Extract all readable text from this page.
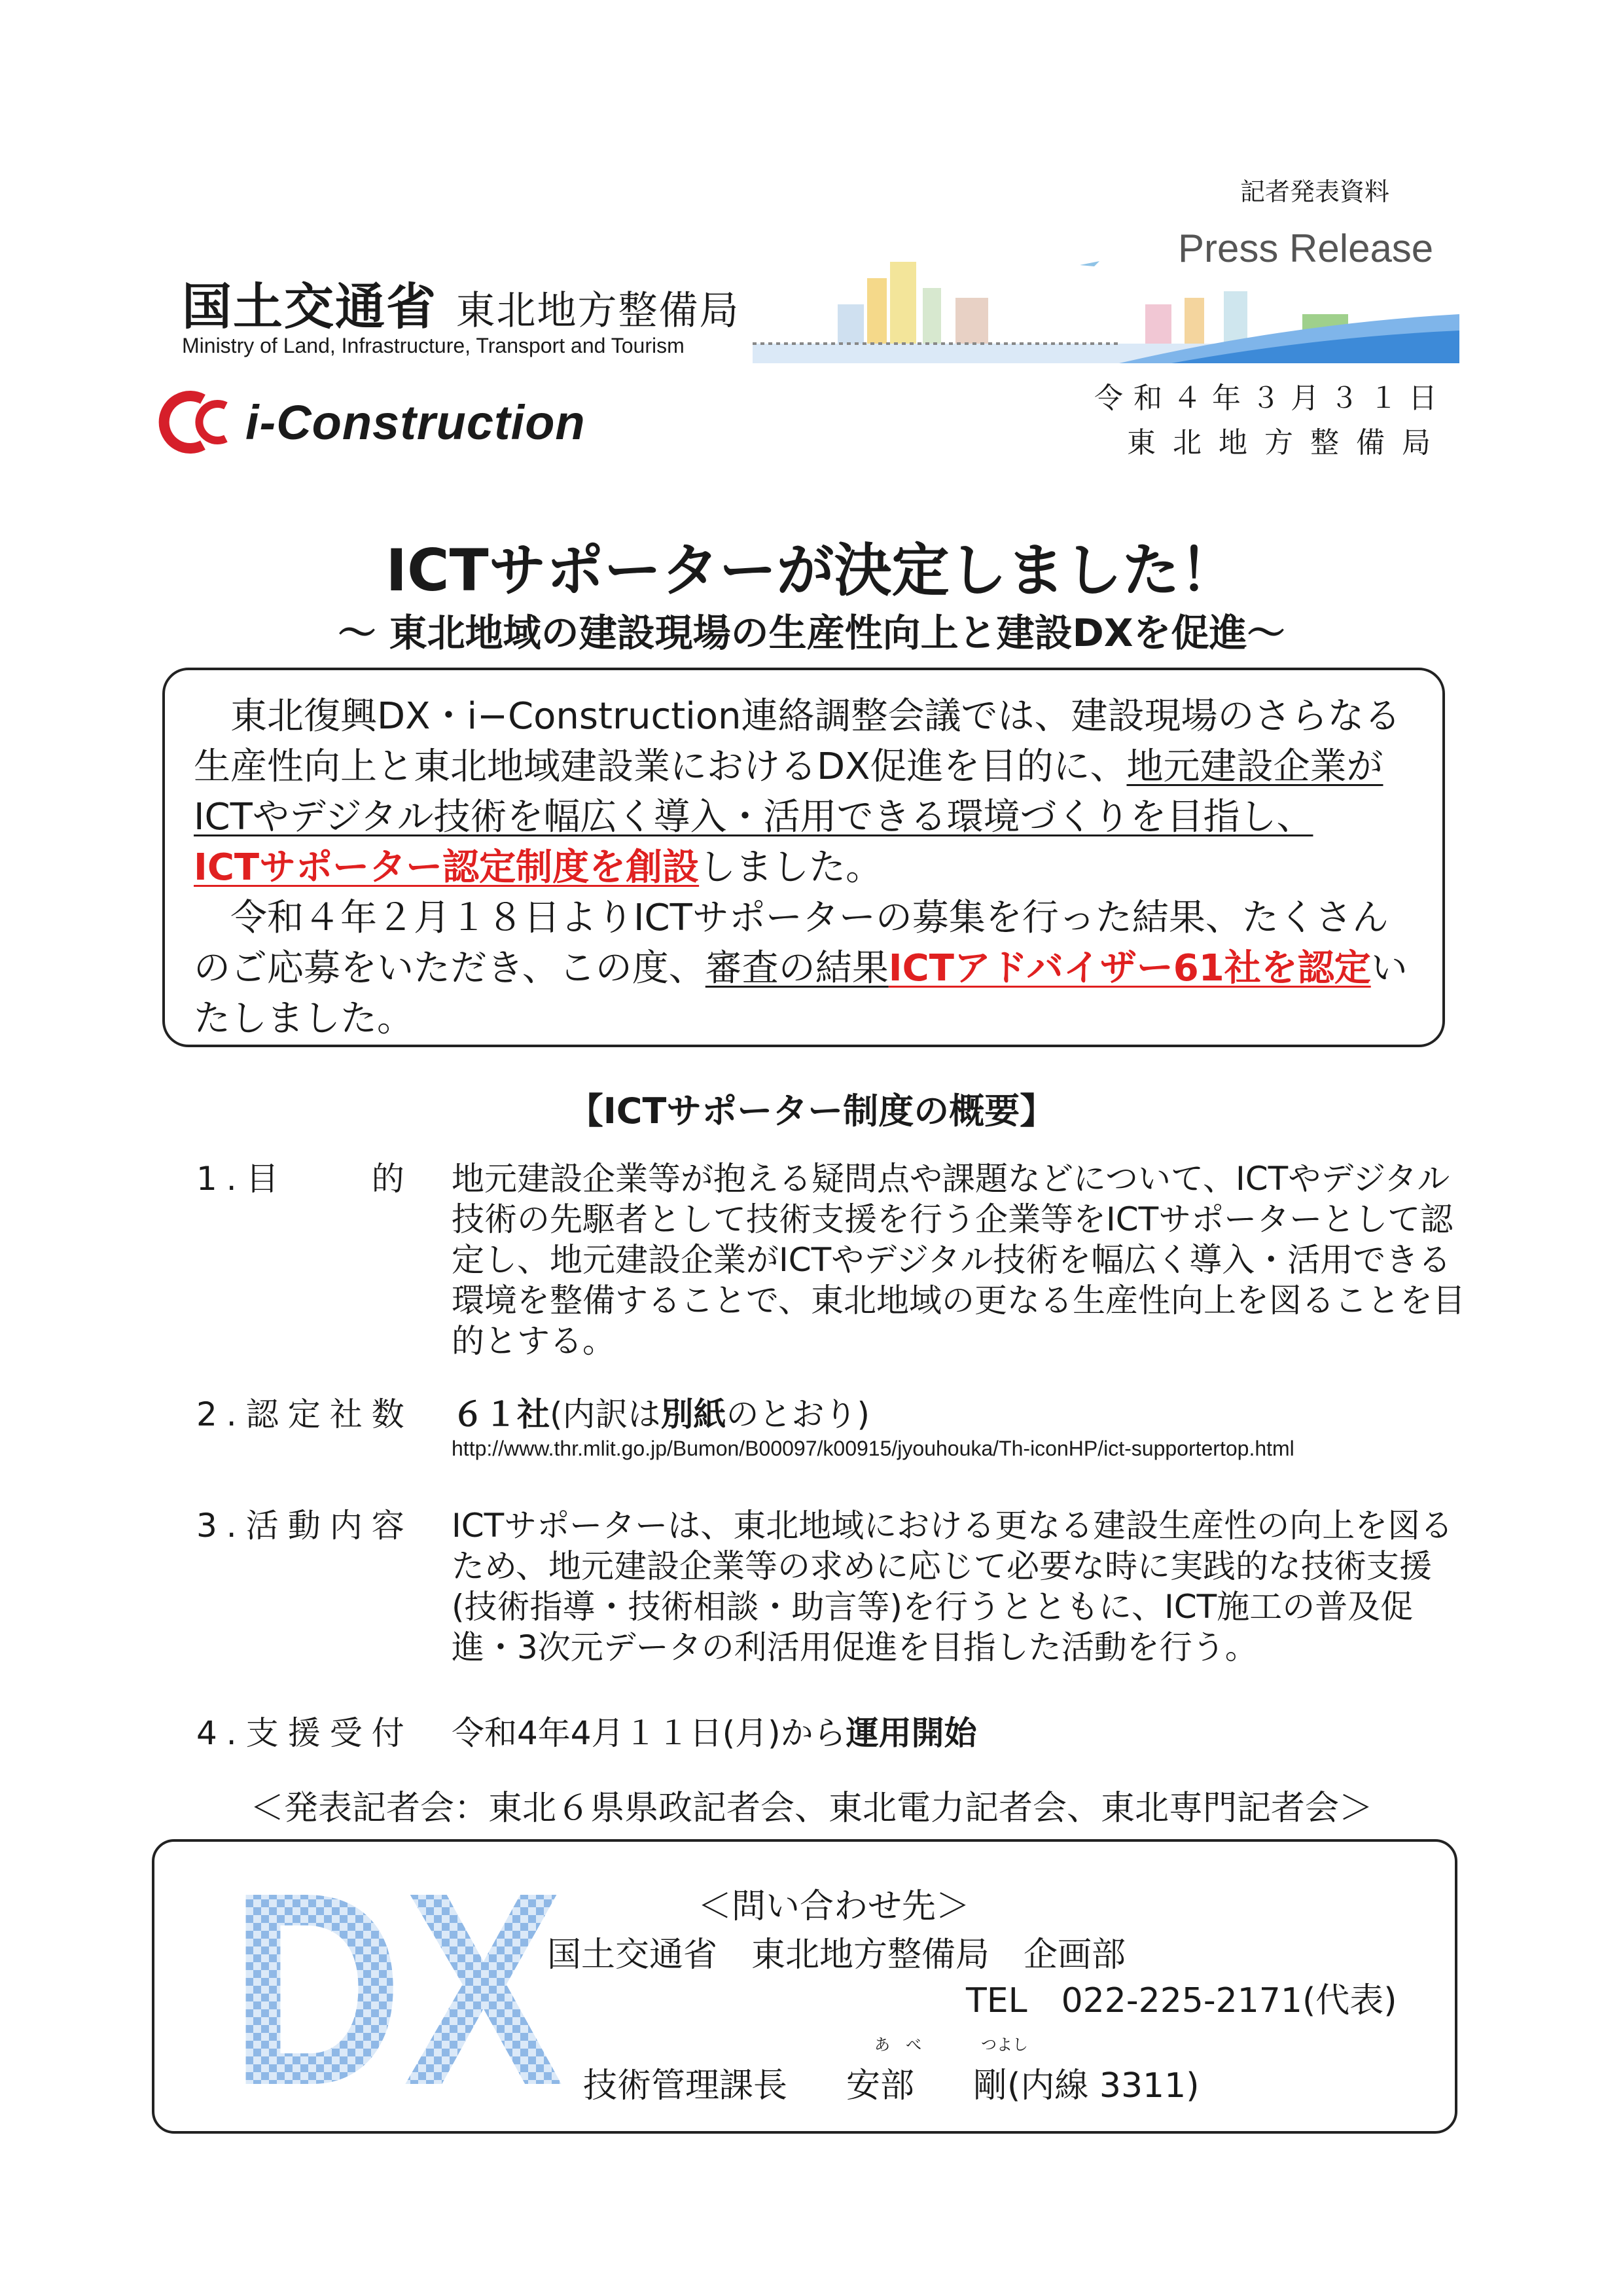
記者発表資料
Press Release
国土交通省 東北地方整備局
Ministry of Land, Infrastructure, Transport and Tourism
i-Construction	令和４年３月３１日
東北地方整備局
ICTサポーターが決定しました！
～ 東北地域の建設現場の生産性向上と建設DXを促進～

東北復興DX・i−Construction連絡調整会議では、建設現場のさらなる生産性向上と東北地域建設業におけるDX促進を目的に、地元建設企業がICTやデジタル技術を幅広く導入・活用できる環境づくりを目指し、
ICTサポーター認定制度を創設しました。

令和４年２月１８日よりICTサポーターの募集を行った結果、たくさんのご応募をいただき、この度、審査の結果ICTアドバイザー61社を認定いたしました。

【ICTサポーター制度の概要】
1.目　　的 地元建設企業等が抱える疑問点や課題などについて、ICTやデジタル技術の先駆者として技術支援を行う企業等をICTサポーターとして認定し、地元建設企業がICTやデジタル技術を幅広く導入・活用できる環境を整備することで、東北地域の更なる生産性向上を図ることを目的とする。
2.認定社数 ６１社(内訳は別紙のとおり)
http://www.thr.mlit.go.jp/Bumon/B00097/k00915/jyouhouka/Th-iconHP/ict-supportertop.html
3.活動内容 ICTサポーターは、東北地域における更なる建設生産性の向上を図るため、地元建設企業等の求めに応じて必要な時に実践的な技術支援(技術指導・技術相談・助言等)を行うとともに、ICT施工の普及促進・3次元データの利活用促進を目指した活動を行う。
4.支援受付 令和4年4月１１日(月)から運用開始
＜発表記者会：東北６県県政記者会、東北電力記者会、東北専門記者会＞
DX	＜問い合わせ先＞
国土交通省　東北地方整備局　企画部
TEL　022-225-2171(代表)
あ　べ	つよし
技術管理課長 安部 剛(内線 3311)
